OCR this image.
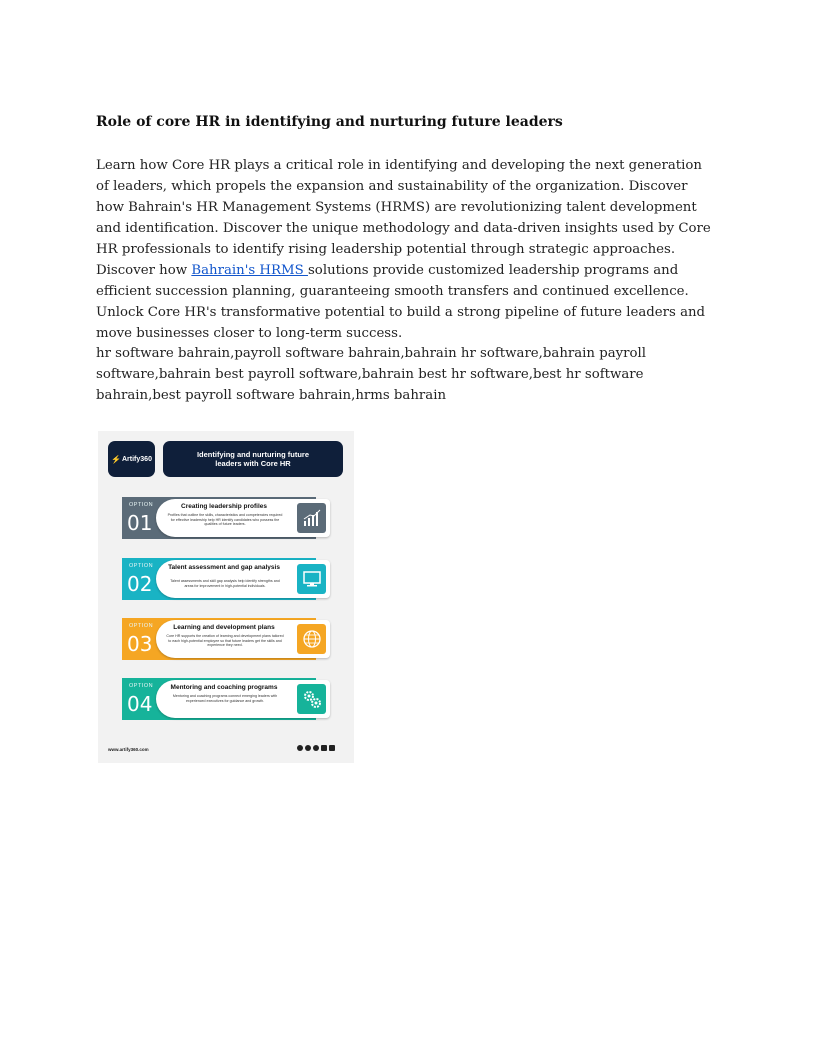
Role of core HR in identifying and nurturing future leaders

Learn how Core HR plays a critical role in identifying and developing the next generation of leaders, which propels the expansion and sustainability of the organization. Discover how Bahrain's HR Management Systems (HRMS) are revolutionizing talent development and identification. Discover the unique methodology and data-driven insights used by Core HR professionals to identify rising leadership potential through strategic approaches. Discover how Bahrain's HRMS solutions provide customized leadership programs and efficient succession planning, guaranteeing smooth transfers and continued excellence. Unlock Core HR's transformative potential to build a strong pipeline of future leaders and move businesses closer to long-term success.

hr software bahrain,payroll software bahrain,bahrain hr software,bahrain payroll software,bahrain best payroll software,bahrain best hr software,best hr software bahrain,best payroll software bahrain,hrms bahrain

⚡ Artify360	Identifying and nurturing future leaders with Core HR
OPTION
01
Creating leadership profiles
Profiles that outline the skills, characteristics and competencies required for effective leadership help HR identify candidates who possess the qualities of future leaders.
OPTION
02
Talent assessment and gap analysis
Talent assessments and skill gap analysis help identify strengths and areas for improvement in high-potential individuals.
OPTION
03
Learning and development plans
Core HR supports the creation of learning and development plans tailored to each high-potential employee so that future leaders get the skills and experience they need.
OPTION
04
Mentoring and coaching programs
Mentoring and coaching programs connect emerging leaders with experienced executives for guidance and growth.
www.artify360.com
